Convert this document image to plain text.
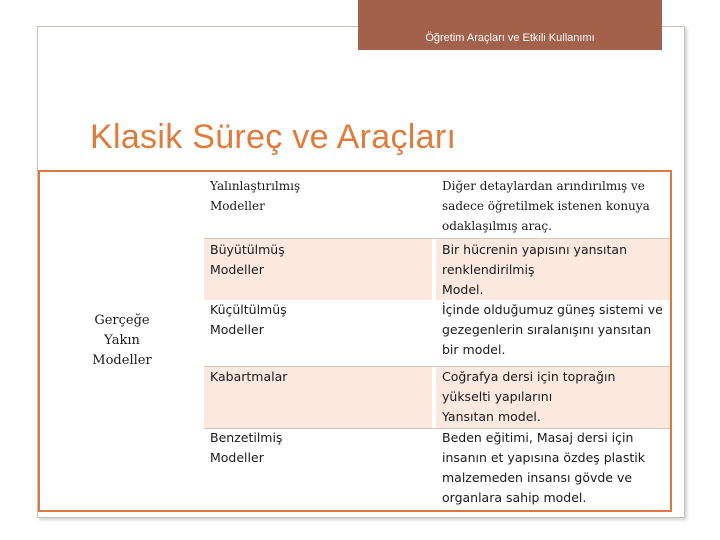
Öğretim Araçları ve Etkili Kullanımı
Klasik Süreç ve Araçları
Gerçeğe
Yakın
Modeller
Yalınlaştırılmış
Modeller
Diğer detaylardan arındırılmış ve sadece öğretilmek istenen konuya odaklaşılmış araç.
Büyütülmüş
Modeller
Bir hücrenin yapısını yansıtan renklendirilmiş
Model.
Küçültülmüş
Modeller
İçinde olduğumuz güneş sistemi ve gezegenlerin sıralanışını yansıtan bir model.
Kabartmalar	Coğrafya dersi için toprağın yükselti yapılarını
Yansıtan model.
Benzetilmiş
Modeller
Beden eğitimi, Masaj dersi için insanın et yapısına özdeş plastik malzemeden insansı gövde ve organlara sahip model.
